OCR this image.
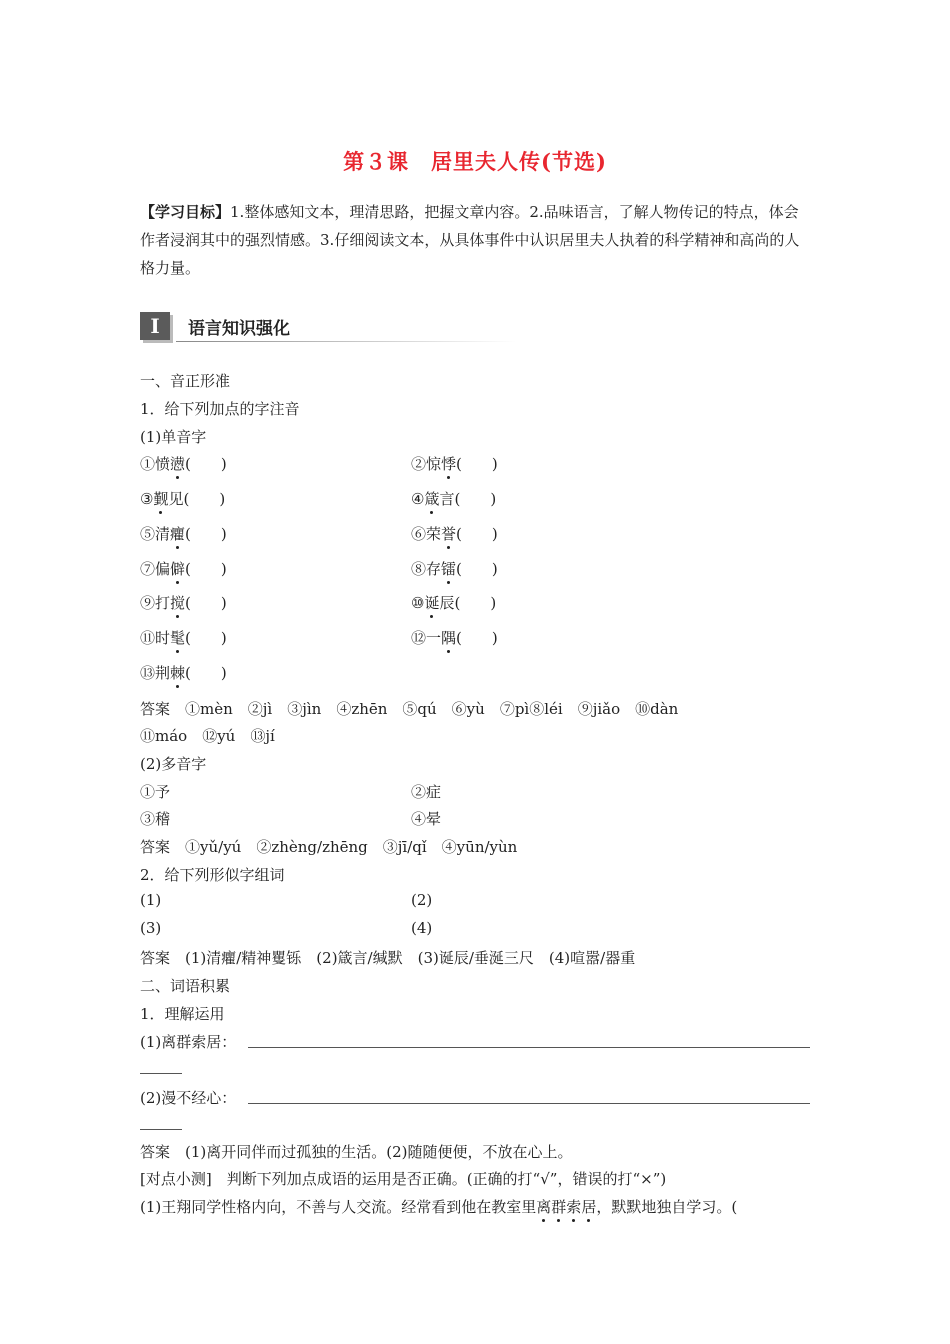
第３课　居里夫人传(节选)
【学习目标】1.整体感知文本，理清思路，把握文章内容。2.品味语言，了解人物传记的特点，体会作者浸润其中的强烈情感。3.仔细阅读文本，从具体事件中认识居里夫人执着的科学精神和高尚的人格力量。
I	语言知识强化
一、音正形准
1．给下列加点的字注音
(1)单音字
①愤懑(　　)	②惊悸(　　)
③觐见(　　)	④箴言(　　)
⑤清癯(　　)	⑥荣誉(　　)
⑦偏僻(　　)	⑧存镭(　　)
⑨打搅(　　)	⑩诞辰(　　)
⑪时髦(　　)	⑫一隅(　　)
⑬荆棘(　　)
答案　①mèn　②jì　③jìn　④zhēn　⑤qú　⑥yù　⑦pì⑧léi　⑨jiǎo　⑩dàn
⑪máo　⑫yú　⑬jí
(2)多音字
①予	②症
③稽	④晕
答案　①yǔ/yú　②zhèng/zhēng　③jī/qǐ　④yūn/yùn
2．给下列形似字组词
(1)	(2)
(3)	(4)
答案　(1)清癯/精神矍铄　(2)箴言/缄默　(3)诞辰/垂涎三尺　(4)喧嚣/器重
二、词语积累
1．理解运用
(1)离群索居：
(2)漫不经心：
答案　(1)离开同伴而过孤独的生活。(2)随随便便，不放在心上。
[对点小测]　判断下列加点成语的运用是否正确。(正确的打“√”，错误的打“×”)
(1)王翔同学性格内向，不善与人交流。经常看到他在教室里离群索居，默默地独自学习。(
